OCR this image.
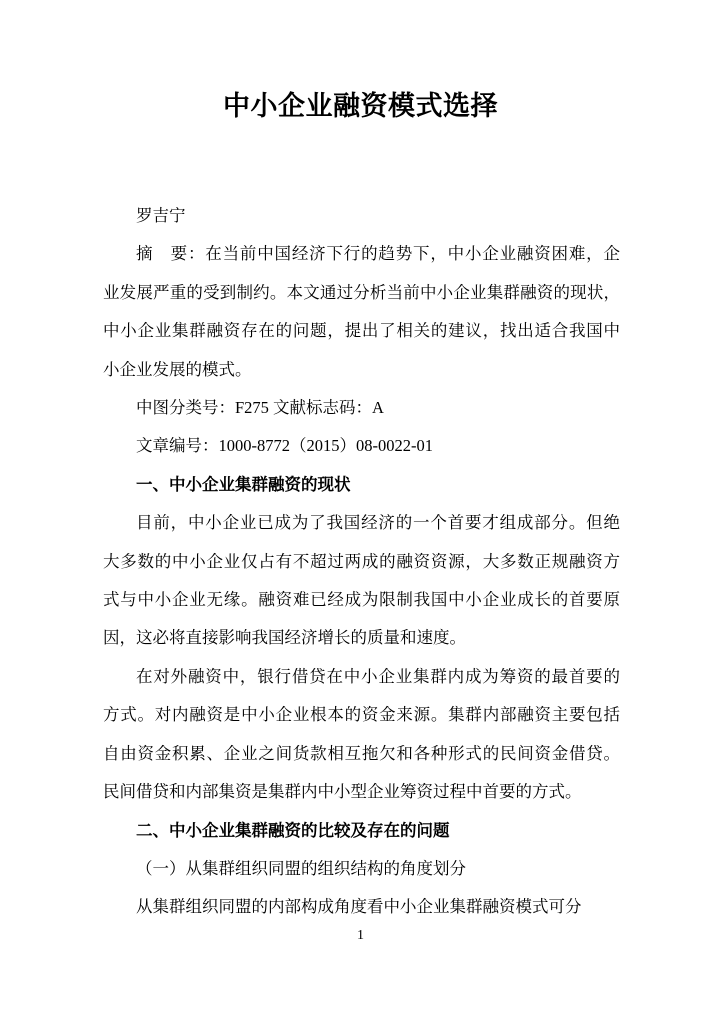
中小企业融资模式选择
罗吉宁
摘　要：在当前中国经济下行的趋势下，中小企业融资困难，企
业发展严重的受到制约。本文通过分析当前中小企业集群融资的现状，
中小企业集群融资存在的问题，提出了相关的建议，找出适合我国中
小企业发展的模式。
中图分类号：F275 文献标志码：A
文章编号：1000-8772（2015）08-0022-01
一、中小企业集群融资的现状
目前，中小企业已成为了我国经济的一个首要才组成部分。但绝
大多数的中小企业仅占有不超过两成的融资资源，大多数正规融资方
式与中小企业无缘。融资难已经成为限制我国中小企业成长的首要原
因，这必将直接影响我国经济增长的质量和速度。
在对外融资中，银行借贷在中小企业集群内成为筹资的最首要的
方式。对内融资是中小企业根本的资金来源。集群内部融资主要包括
自由资金积累、企业之间货款相互拖欠和各种形式的民间资金借贷。
民间借贷和内部集资是集群内中小型企业筹资过程中首要的方式。
二、中小企业集群融资的比较及存在的问题
（一）从集群组织同盟的组织结构的角度划分
从集群组织同盟的内部构成角度看中小企业集群融资模式可分
1
